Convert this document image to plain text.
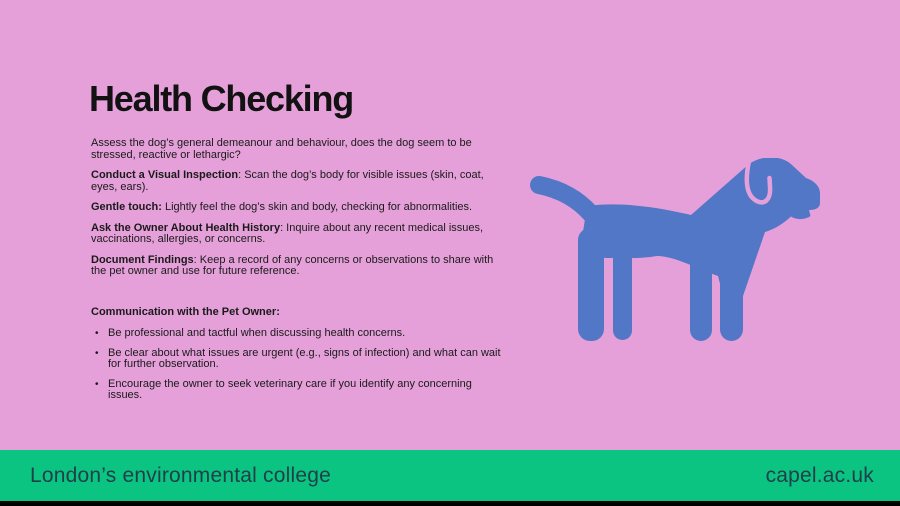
Health Checking

Assess the dog’s general demeanour and behaviour, does the dog seem to be stressed, reactive or lethargic?

Conduct a Visual Inspection: Scan the dog’s body for visible issues (skin, coat, eyes, ears).

Gentle touch: Lightly feel the dog’s skin and body, checking for abnormalities.

Ask the Owner About Health History: Inquire about any recent medical issues, vaccinations, allergies, or concerns.

Document Findings: Keep a record of any concerns or observations to share with the pet owner and use for future reference.

Communication with the Pet Owner:

• Be professional and tactful when discussing health concerns.
• Be clear about what issues are urgent (e.g., signs of infection) and what can wait for further observation.
• Encourage the owner to seek veterinary care if you identify any concerning issues.
London’s environmental college	capel.ac.uk
